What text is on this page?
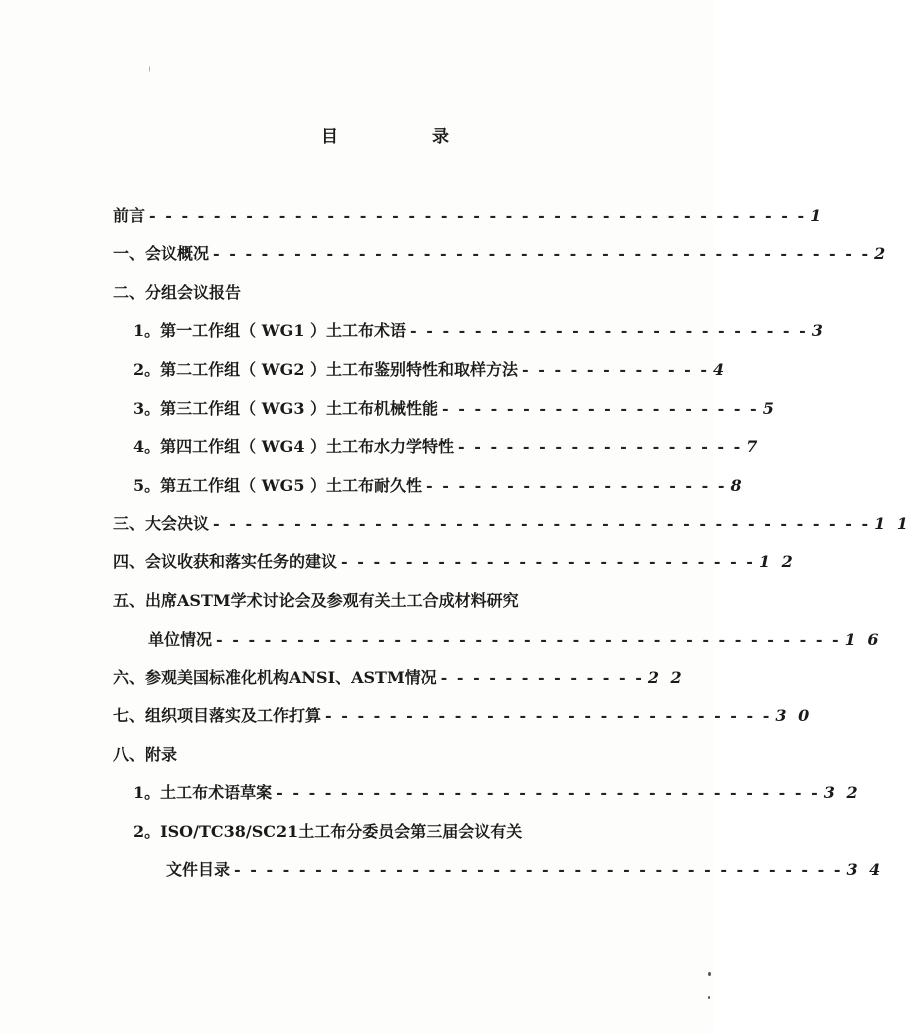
目	录
前言 - - - - - - - - - - - - - - - - - - - - - - - - - - - - - - - - - - - - - - - - - 1
一、会议概况 - - - - - - - - - - - - - - - - - - - - - - - - - - - - - - - - - - - - - - - - - 2
二、分组会议报告
1。第一工作组（ WG1 ）土工布术语 - - - - - - - - - - - - - - - - - - - - - - - - - 3
2。第二工作组（ WG2 ）土工布鉴别特性和取样方法 - - - - - - - - - - - - 4
3。第三工作组（ WG3 ）土工布机械性能 - - - - - - - - - - - - - - - - - - - - 5
4。第四工作组（ WG4 ）土工布水力学特性 - - - - - - - - - - - - - - - - - - 7
5。第五工作组（ WG5 ）土工布耐久性 - - - - - - - - - - - - - - - - - - - 8
三、大会决议 - - - - - - - - - - - - - - - - - - - - - - - - - - - - - - - - - - - - - - - - - 1 1
四、会议收获和落实任务的建议 - - - - - - - - - - - - - - - - - - - - - - - - - - 1 2
五、出席ASTM学术讨论会及参观有关土工合成材料研究
单位情况 - - - - - - - - - - - - - - - - - - - - - - - - - - - - - - - - - - - - - - - 1 6
六、参观美国标准化机构ANSI、ASTM情况 - - - - - - - - - - - - - 2 2
七、组织项目落实及工作打算 - - - - - - - - - - - - - - - - - - - - - - - - - - - - 3 0
八、附录
1。土工布术语草案 - - - - - - - - - - - - - - - - - - - - - - - - - - - - - - - - - - 3 2
2。ISO/TC38/SC21土工布分委员会第三届会议有关
文件目录 - - - - - - - - - - - - - - - - - - - - - - - - - - - - - - - - - - - - - - 3 4
